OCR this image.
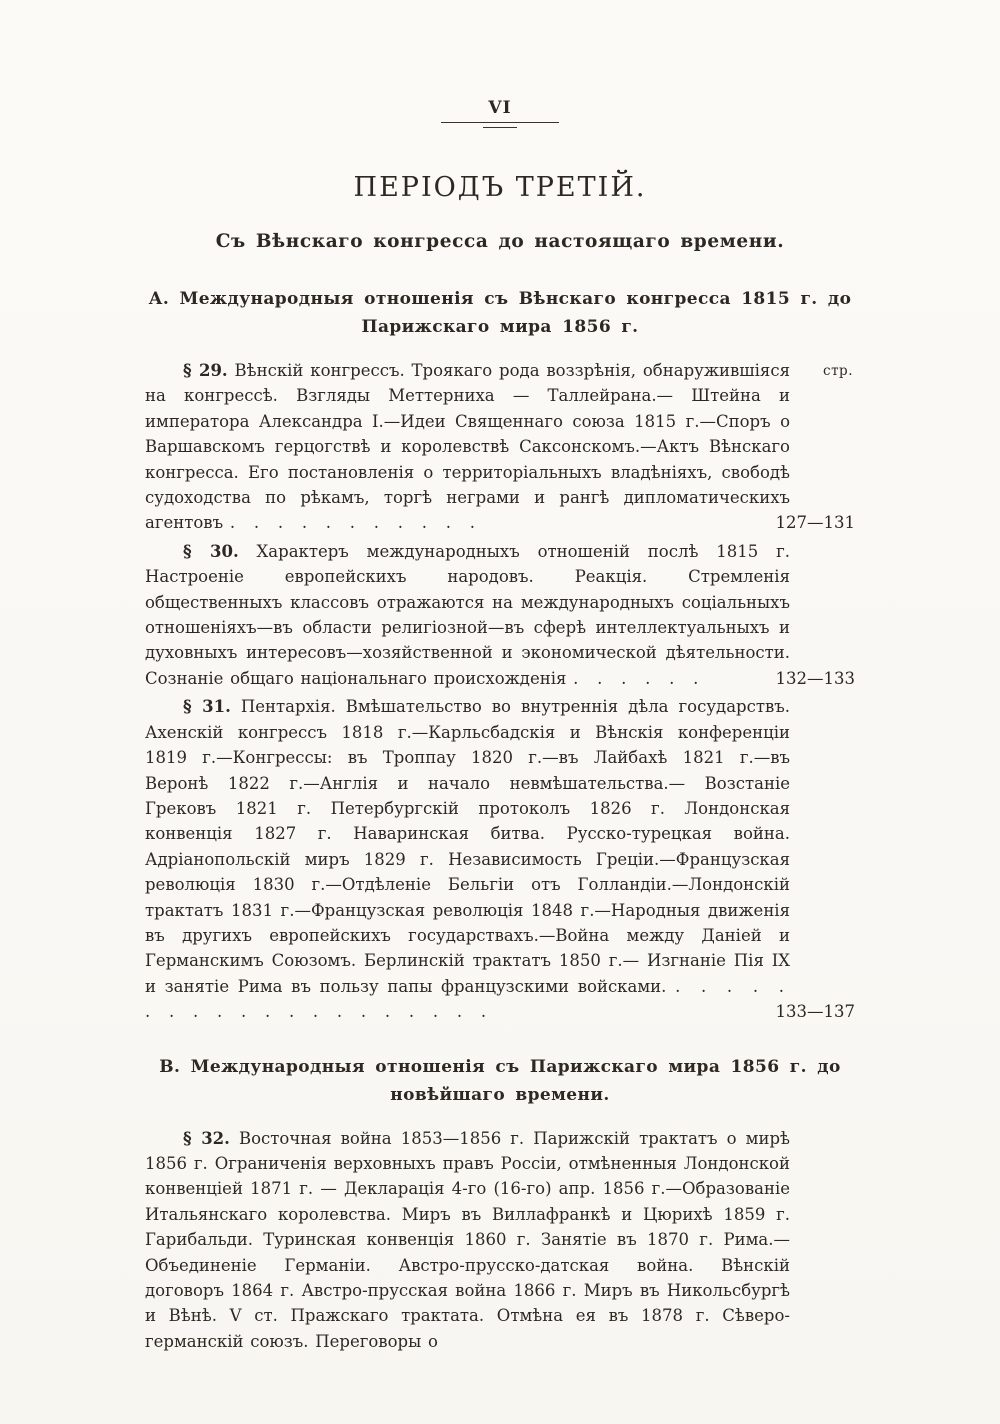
VI
ПЕРІОДЪ ТРЕТІЙ.
Съ Вѣнскаго конгресса до настоящаго времени.
А. Международныя отношенія съ Вѣнскаго конгресса 1815 г. до
Парижскаго мира 1856 г.

стр.
§ 29. Вѣнскій конгрессъ. Троякаго рода воззрѣнія, обнаружившіяся на конгрессѣ. Взгляды Меттерниха — Таллейрана.— Штейна и императора Александра I.—Идеи Священнаго союза 1815 г.—Споръ о Варшавскомъ герцогствѣ и королевствѣ Саксонскомъ.—Актъ Вѣнскаго конгресса. Его постановленія о территоріальныхъ владѣніяхъ, свободѣ судоходства по рѣкамъ, торгѣ неграми и рангѣ дипломатическихъ агентовъ . . . . . . . . . . .	127—131

§ 30. Характеръ международныхъ отношеній послѣ 1815 г. Настроеніе европейскихъ народовъ. Реакція. Стремленія общественныхъ классовъ отражаются на международныхъ соціальныхъ отношеніяхъ—въ области религіозной—въ сферѣ интеллектуальныхъ и духовныхъ интересовъ—хозяйственной и экономической дѣятельности. Сознаніе общаго національнаго происхожденія . . . . . .	132—133

§ 31. Пентархія. Вмѣшательство во внутреннія дѣла государствъ. Ахенскій конгрессъ 1818 г.—Карльсбадскія и Вѣнскія конференціи 1819 г.—Конгрессы: въ Троппау 1820 г.—въ Лайбахѣ 1821 г.—въ Веронѣ 1822 г.—Англія и начало невмѣшательства.— Возстаніе Грековъ 1821 г. Петербургскій протоколъ 1826 г. Лондонская конвенція 1827 г. Наваринская битва. Русско-турецкая война. Адріанопольскій миръ 1829 г. Независимость Греціи.—Французская революція 1830 г.—Отдѣленіе Бельгіи отъ Голландіи.—Лондонскій трактатъ 1831 г.—Французская революція 1848 г.—Народныя движенія въ другихъ европейскихъ государствахъ.—Война между Даніей и Германскимъ Союзомъ. Берлинскій трактатъ 1850 г.— Изгнаніе Пія IX и занятіе Рима въ пользу папы французскими войсками. . . . . . . . . . . . . . . . . . . . .	133—137

В. Международныя отношенія съ Парижскаго мира 1856 г. до
новѣйшаго времени.

§ 32. Восточная война 1853—1856 г. Парижскій трактатъ о мирѣ 1856 г. Ограниченія верховныхъ правъ Россіи, отмѣненныя Лондонской конвенціей 1871 г. — Декларація 4-го (16-го) апр. 1856 г.—Образованіе Итальянскаго королевства. Миръ въ Виллафранкѣ и Цюрихѣ 1859 г. Гарибальди. Туринская конвенція 1860 г. Занятіе въ 1870 г. Рима.—Объединеніе Германіи. Австро-прусско-датская война. Вѣнскій договоръ 1864 г. Австро-прусская война 1866 г. Миръ въ Никольсбургѣ и Вѣнѣ. V ст. Пражскаго трактата. Отмѣна ея въ 1878 г. Сѣверо-германскій союзъ. Переговоры о
